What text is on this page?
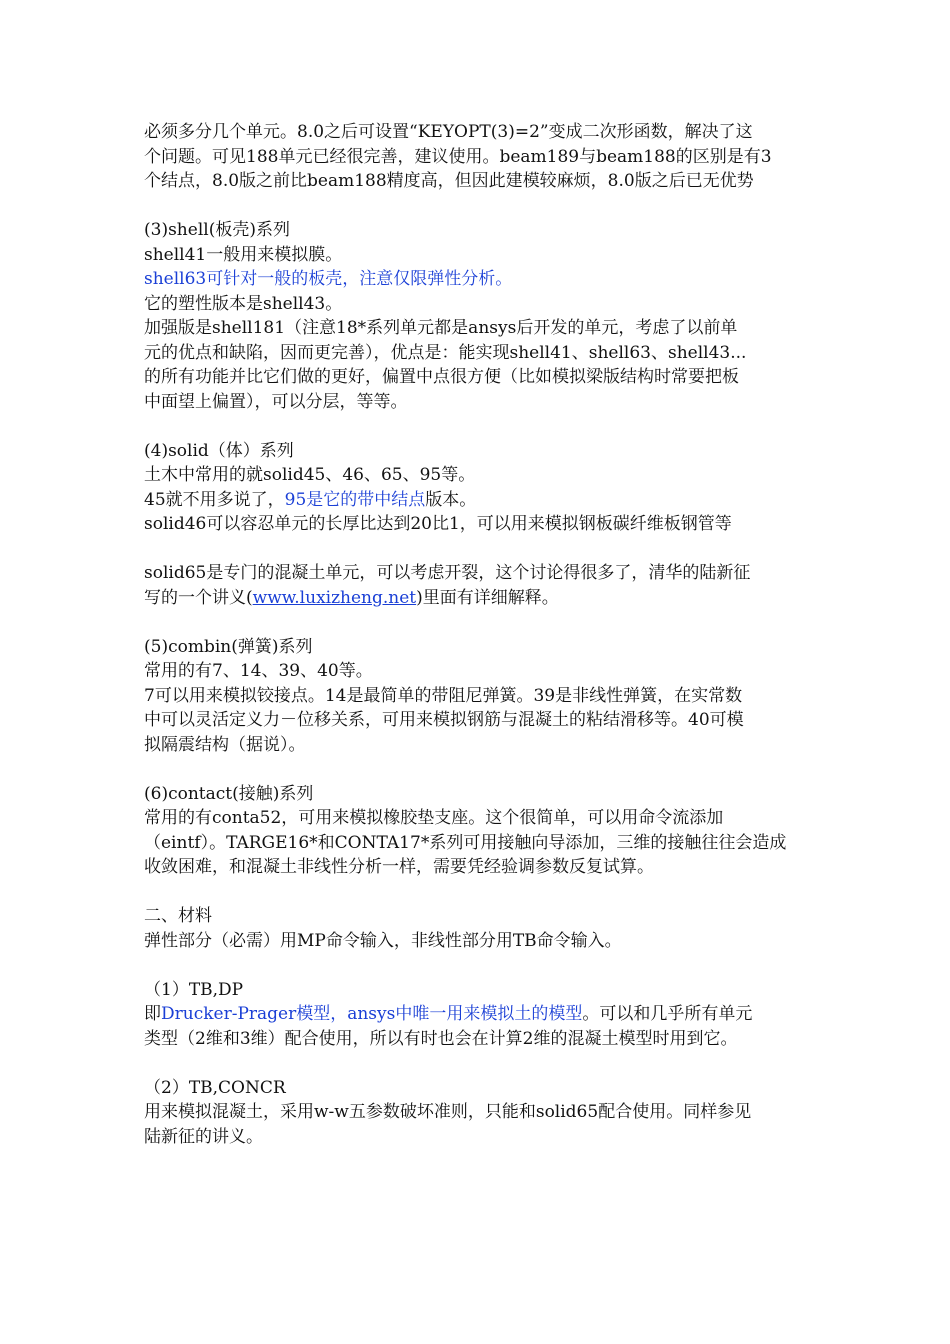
必须多分几个单元。8.0之后可设置“KEYOPT(3)=2”变成二次形函数，解决了这

个问题。可见188单元已经很完善，建议使用。beam189与beam188的区别是有3

个结点，8.0版之前比beam188精度高，但因此建模较麻烦，8.0版之后已无优势

(3)shell(板壳)系列

shell41一般用来模拟膜。

shell63可针对一般的板壳，注意仅限弹性分析。

它的塑性版本是shell43。

加强版是shell181（注意18*系列单元都是ansys后开发的单元，考虑了以前单

元的优点和缺陷，因而更完善），优点是：能实现shell41、shell63、shell43...

的所有功能并比它们做的更好，偏置中点很方便（比如模拟梁版结构时常要把板

中面望上偏置），可以分层，等等。

(4)solid（体）系列

土木中常用的就solid45、46、65、95等。

45就不用多说了，95是它的带中结点版本。

solid46可以容忍单元的长厚比达到20比1，可以用来模拟钢板碳纤维板钢管等

solid65是专门的混凝土单元，可以考虑开裂，这个讨论得很多了，清华的陆新征

写的一个讲义(www.luxizheng.net)里面有详细解释。

(5)combin(弹簧)系列

常用的有7、14、39、40等。

7可以用来模拟铰接点。14是最简单的带阻尼弹簧。39是非线性弹簧，在实常数

中可以灵活定义力－位移关系，可用来模拟钢筋与混凝土的粘结滑移等。40可模

拟隔震结构（据说）。

(6)contact(接触)系列

常用的有conta52，可用来模拟橡胶垫支座。这个很简单，可以用命令流添加

（eintf）。TARGE16*和CONTA17*系列可用接触向导添加，三维的接触往往会造成

收敛困难，和混凝土非线性分析一样，需要凭经验调参数反复试算。

二、材料

弹性部分（必需）用MP命令输入，非线性部分用TB命令输入。

（1）TB,DP

即Drucker-Prager模型，ansys中唯一用来模拟土的模型。可以和几乎所有单元

类型（2维和3维）配合使用，所以有时也会在计算2维的混凝土模型时用到它。

（2）TB,CONCR

用来模拟混凝土，采用w-w五参数破坏准则，只能和solid65配合使用。同样参见

陆新征的讲义。
